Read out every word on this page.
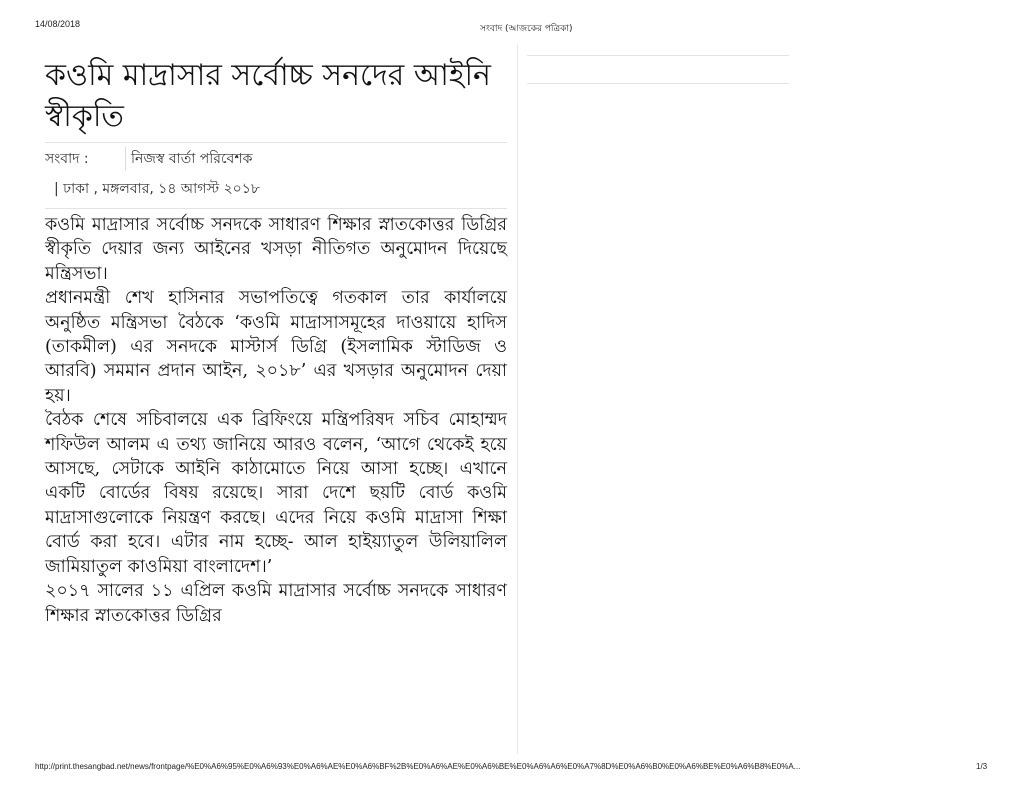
14/08/2018	সংবাদ (আজকের পত্রিকা)
কওমি মাদ্রাসার সর্বোচ্চ সনদের আইনি স্বীকৃতি
সংবাদ :	নিজস্ব বার্তা পরিবেশক
| ঢাকা , মঙ্গলবার, ১৪ আগস্ট ২০১৮

কওমি মাদ্রাসার সর্বোচ্চ সনদকে সাধারণ শিক্ষার স্নাতকোত্তর ডিগ্রির স্বীকৃতি দেয়ার জন্য আইনের খসড়া নীতিগত অনুমোদন দিয়েছে মন্ত্রিসভা।

প্রধানমন্ত্রী শেখ হাসিনার সভাপতিত্বে গতকাল তার কার্যালয়ে অনুষ্ঠিত মন্ত্রিসভা বৈঠকে ‘কওমি মাদ্রাসাসমূহের দাওয়ায়ে হাদিস (তাকমীল) এর সনদকে মাস্টার্স ডিগ্রি (ইসলামিক স্টাডিজ ও আরবি) সমমান প্রদান আইন, ২০১৮’ এর খসড়ার অনুমোদন দেয়া হয়।

বৈঠক শেষে সচিবালয়ে এক ব্রিফিংয়ে মন্ত্রিপরিষদ সচিব মোহাম্মদ শফিউল আলম এ তথ্য জানিয়ে আরও বলেন, ‘আগে থেকেই হয়ে আসছে, সেটাকে আইনি কাঠামোতে নিয়ে আসা হচ্ছে। এখানে একটি বোর্ডের বিষয় রয়েছে। সারা দেশে ছয়টি বোর্ড কওমি মাদ্রাসাগুলোকে নিয়ন্ত্রণ করছে। এদের নিয়ে কওমি মাদ্রাসা শিক্ষা বোর্ড করা হবে। এটার নাম হচ্ছে- আল হাইয়্যাতুল উলিয়ালিল জামিয়াতুল কাওমিয়া বাংলাদেশ।’

২০১৭ সালের ১১ এপ্রিল কওমি মাদ্রাসার সর্বোচ্চ সনদকে সাধারণ শিক্ষার স্নাতকোত্তর ডিগ্রির

http://print.thesangbad.net/news/frontpage/%E0%A6%95%E0%A6%93%E0%A6%AE%E0%A6%BF%2B%E0%A6%AE%E0%A6%BE%E0%A6%A6%E0%A7%8D%E0%A6%B0%E0%A6%BE%E0%A6%B8%E0%A...	1/3
